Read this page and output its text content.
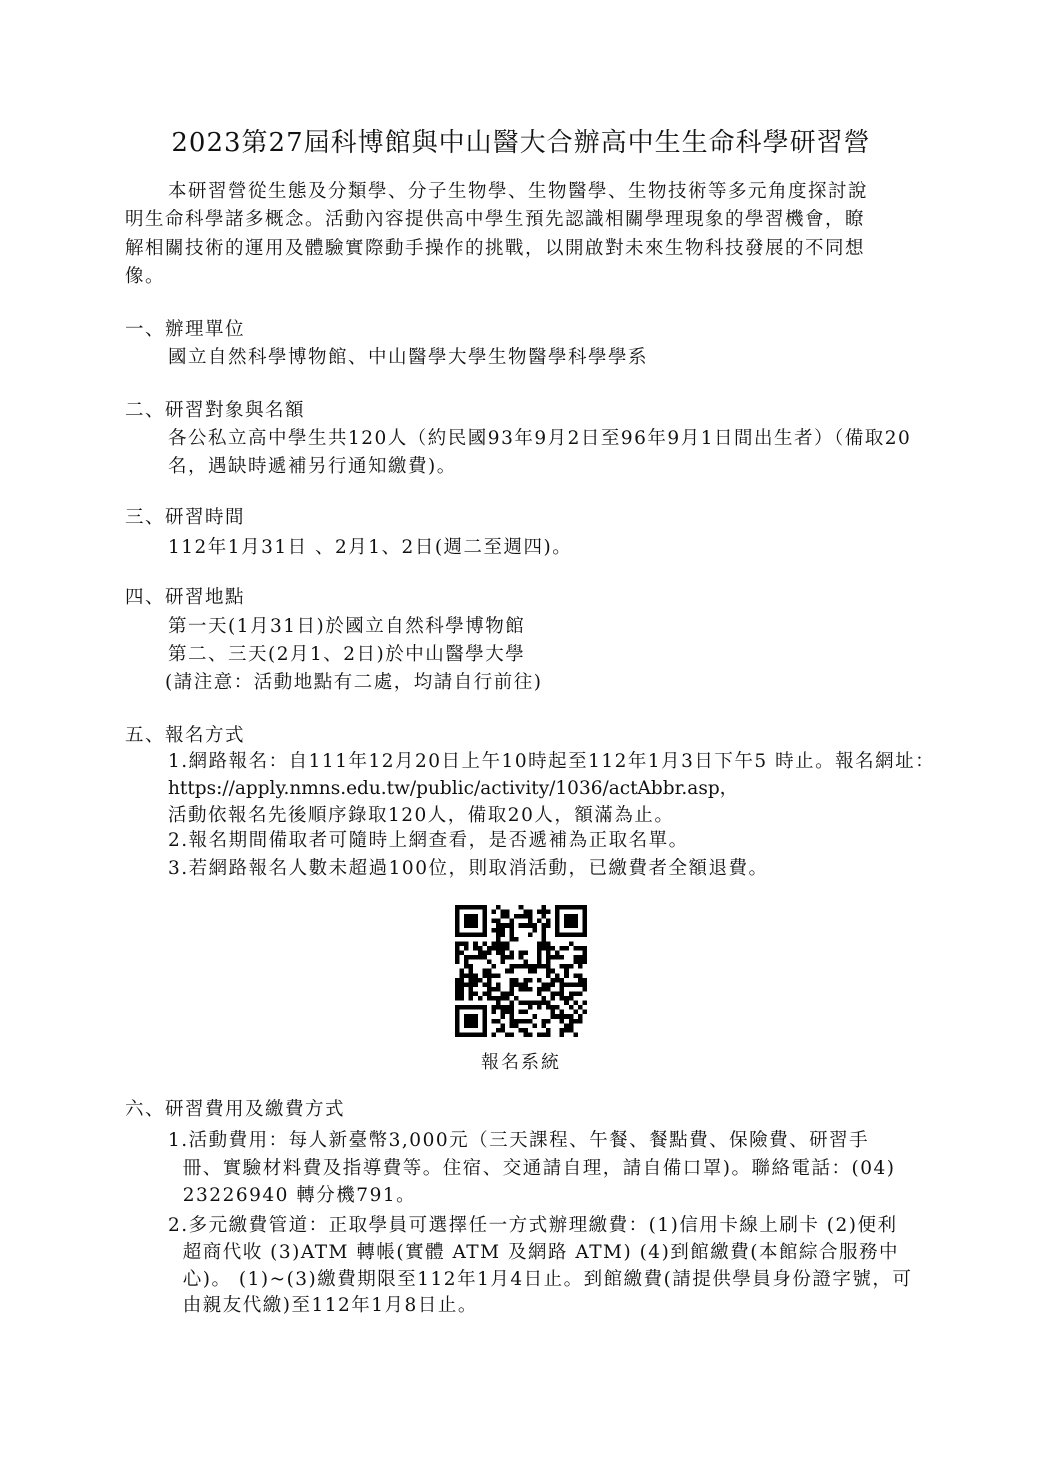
2023第27屆科博館與中山醫大合辦高中生生命科學研習營
本研習營從生態及分類學、分子生物學、生物醫學、生物技術等多元角度探討說
明生命科學諸多概念。活動內容提供高中學生預先認識相關學理現象的學習機會，瞭
解相關技術的運用及體驗實際動手操作的挑戰，以開啟對未來生物科技發展的不同想
像。
一、辦理單位
國立自然科學博物館、中山醫學大學生物醫學科學學系
二、研習對象與名額
各公私立高中學生共120人（約民國93年9月2日至96年9月1日間出生者）（備取20
名，遇缺時遞補另行通知繳費)。
三、研習時間
112年1月31日 、2月1、2日(週二至週四)。
四、研習地點
第一天(1月31日)於國立自然科學博物館
第二、三天(2月1、2日)於中山醫學大學
(請注意：活動地點有二處，均請自行前往)
五、報名方式
1.網路報名：自111年12月20日上午10時起至112年1月3日下午5 時止。報名網址：
https://apply.nmns.edu.tw/public/activity/1036/actAbbr.asp，
活動依報名先後順序錄取120人，備取20人，額滿為止。
2.報名期間備取者可隨時上網查看，是否遞補為正取名單。
3.若網路報名人數未超過100位，則取消活動，已繳費者全額退費。
報名系統
六、研習費用及繳費方式
1.活動費用：每人新臺幣3,000元（三天課程、午餐、餐點費、保險費、研習手
冊、實驗材料費及指導費等。住宿、交通請自理，請自備口罩)。聯絡電話：(04)
23226940 轉分機791。
2.多元繳費管道：正取學員可選擇任一方式辦理繳費：(1)信用卡線上刷卡 (2)便利
超商代收 (3)ATM 轉帳(實體 ATM 及網路 ATM) (4)到館繳費(本館綜合服務中
心)。 (1)~(3)繳費期限至112年1月4日止。到館繳費(請提供學員身份證字號，可
由親友代繳)至112年1月8日止。
